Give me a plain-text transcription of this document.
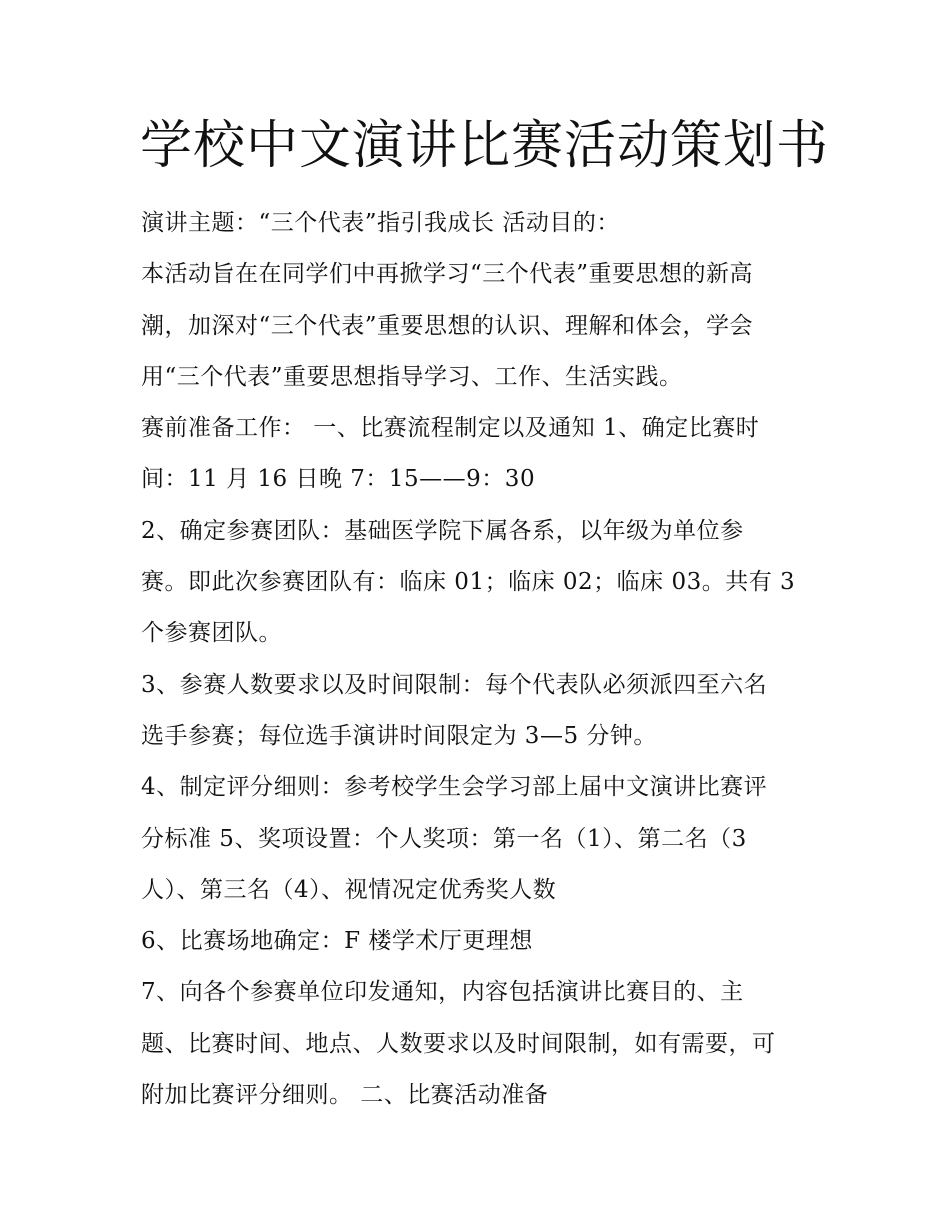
学校中文演讲比赛活动策划书
演讲主题：“三个代表”指引我成长 活动目的：
本活动旨在在同学们中再掀学习“三个代表”重要思想的新高
潮，加深对“三个代表”重要思想的认识、理解和体会，学会
用“三个代表”重要思想指导学习、工作、生活实践。
赛前准备工作： 一、比赛流程制定以及通知 1、确定比赛时
间：11 月 16 日晚 7：15——9：30
2、确定参赛团队：基础医学院下属各系，以年级为单位参
赛。即此次参赛团队有：临床 01；临床 02；临床 03。共有 3
个参赛团队。
3、参赛人数要求以及时间限制：每个代表队必须派四至六名
选手参赛；每位选手演讲时间限定为 3—5 分钟。
4、制定评分细则：参考校学生会学习部上届中文演讲比赛评
分标准 5、奖项设置：个人奖项：第一名（1）、第二名（3
人）、第三名（4）、视情况定优秀奖人数
6、比赛场地确定：F 楼学术厅更理想
7、向各个参赛单位印发通知，内容包括演讲比赛目的、主
题、比赛时间、地点、人数要求以及时间限制，如有需要，可
附加比赛评分细则。 二、比赛活动准备
